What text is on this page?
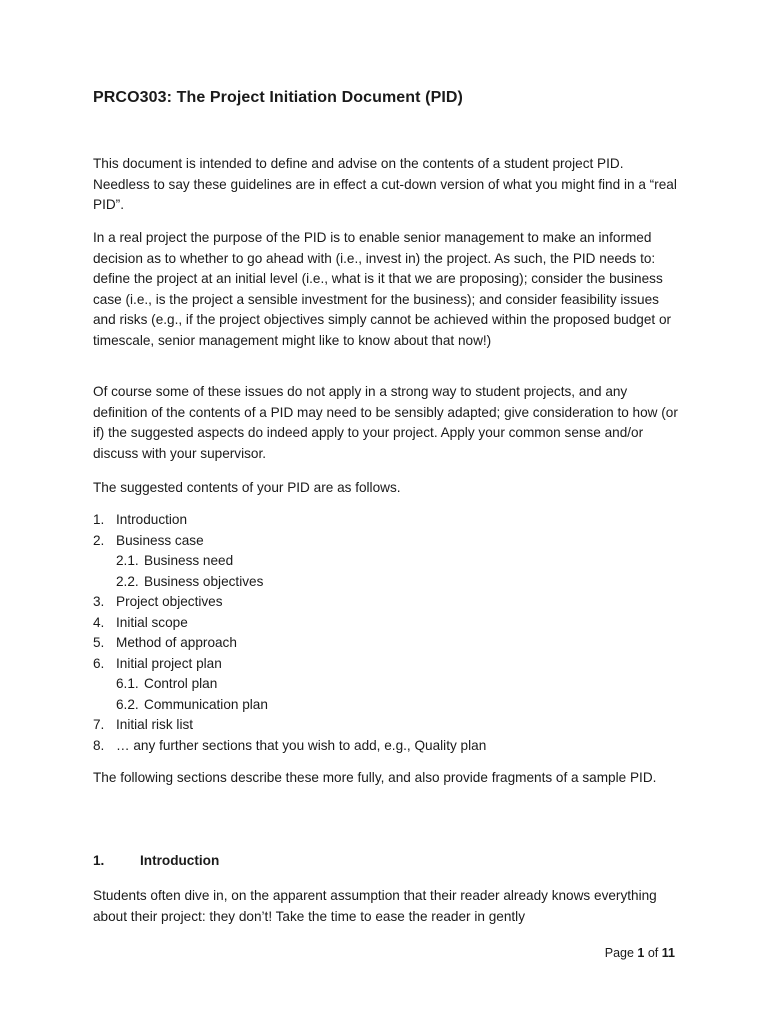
PRCO303: The Project Initiation Document (PID)

This document is intended to define and advise on the contents of a student project PID. Needless to say these guidelines are in effect a cut-down version of what you might find in a “real PID”.

In a real project the purpose of the PID is to enable senior management to make an informed decision as to whether to go ahead with (i.e., invest in) the project. As such, the PID needs to: define the project at an initial level (i.e., what is it that we are proposing); consider the business case (i.e., is the project a sensible investment for the business); and consider feasibility issues and risks (e.g., if the project objectives simply cannot be achieved within the proposed budget or timescale, senior management might like to know about that now!)

Of course some of these issues do not apply in a strong way to student projects, and any definition of the contents of a PID may need to be sensibly adapted; give consideration to how (or if) the suggested aspects do indeed apply to your project. Apply your common sense and/or discuss with your supervisor.

The suggested contents of your PID are as follows.

1. Introduction
2. Business case
2.1. Business need
2.2. Business objectives
3. Project objectives
4. Initial scope
5. Method of approach
6. Initial project plan
6.1. Control plan
6.2. Communication plan
7. Initial risk list
8. … any further sections that you wish to add, e.g., Quality plan

The following sections describe these more fully, and also provide fragments of a sample PID.

1.	Introduction

Students often dive in, on the apparent assumption that their reader already knows everything about their project: they don’t! Take the time to ease the reader in gently

Page 1 of 11
